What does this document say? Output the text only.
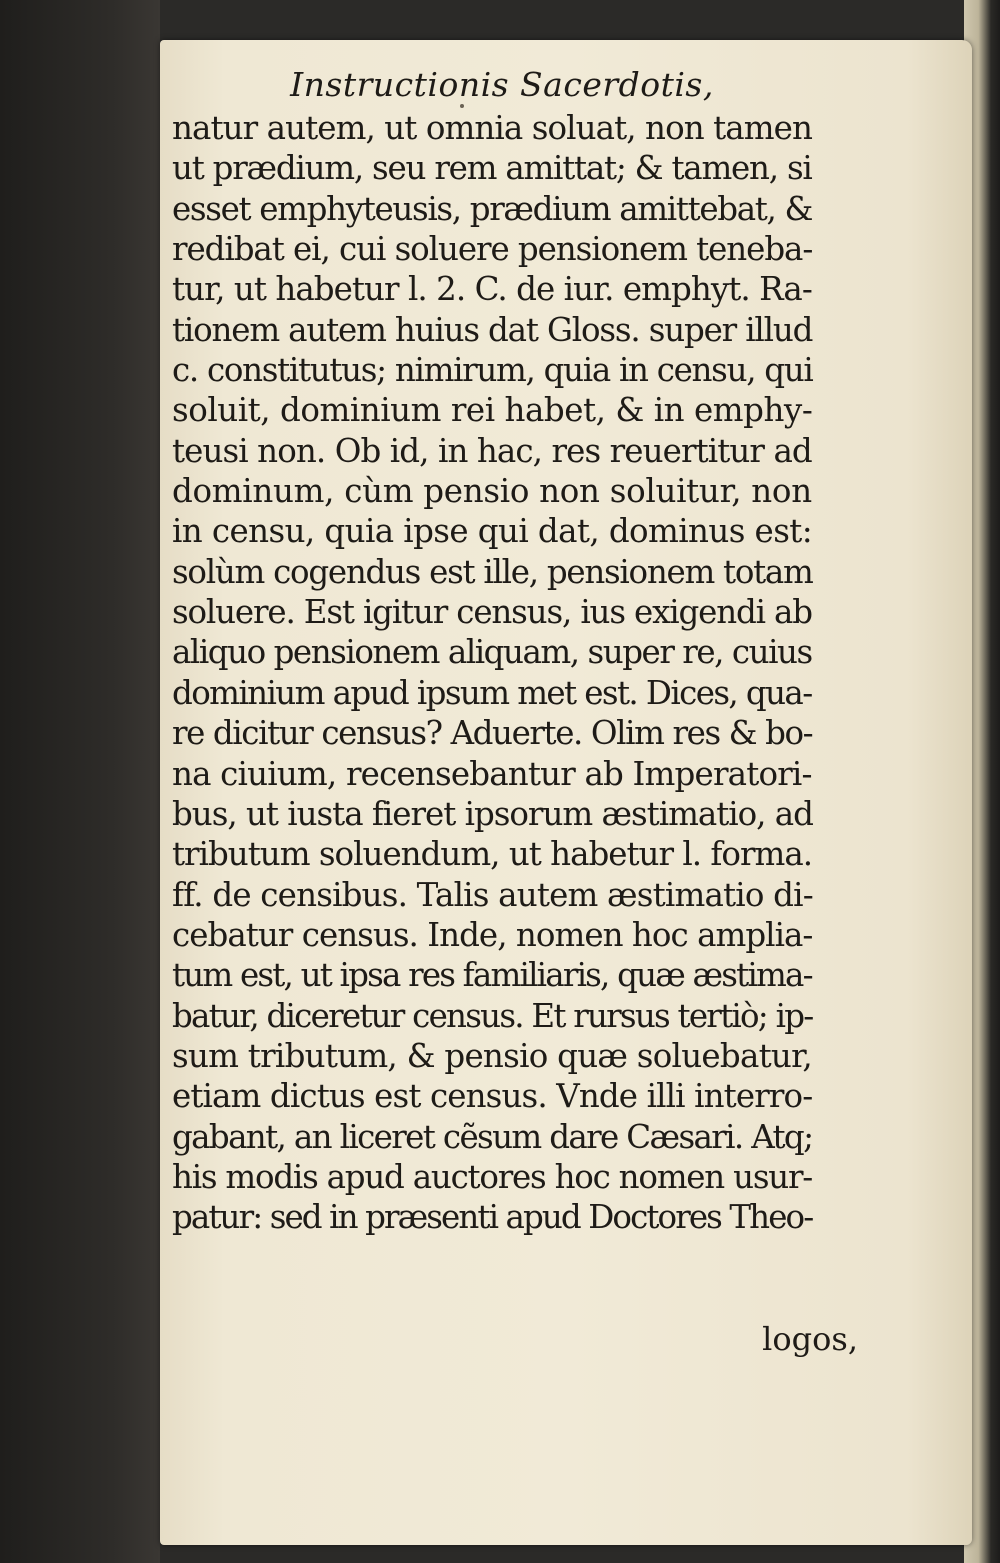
Instructionis Sacerdotis,
natur autem, ut omnia soluat, non tamen
ut prædium, seu rem amittat; & tamen, si
esset emphyteusis, prædium amittebat, &
redibat ei, cui soluere pensionem teneba-
tur, ut habetur l. 2. C. de iur. emphyt. Ra-
tionem autem huius dat Gloss. super illud
c. constitutus; nimirum, quia in censu, qui
soluit, dominium rei habet, & in emphy-
teusi non. Ob id, in hac, res reuertitur ad
dominum, cùm pensio non soluitur, non
in censu, quia ipse qui dat, dominus est:
solùm cogendus est ille, pensionem totam
soluere. Est igitur census, ius exigendi ab
aliquo pensionem aliquam, super re, cuius
dominium apud ipsum met est. Dices, qua-
re dicitur census? Aduerte. Olim res & bo-
na ciuium, recensebantur ab Imperatori-
bus, ut iusta fieret ipsorum æstimatio, ad
tributum soluendum, ut habetur l. forma.
ff. de censibus. Talis autem æstimatio di-
cebatur census. Inde, nomen hoc amplia-
tum est, ut ipsa res familiaris, quæ æstima-
batur, diceretur census. Et rursus tertiò; ip-
sum tributum, & pensio quæ soluebatur,
etiam dictus est census. Vnde illi interro-
gabant, an liceret cẽsum dare Cæsari. Atq;
his modis apud auctores hoc nomen usur-
patur: sed in præsenti apud Doctores Theo-
logos,
